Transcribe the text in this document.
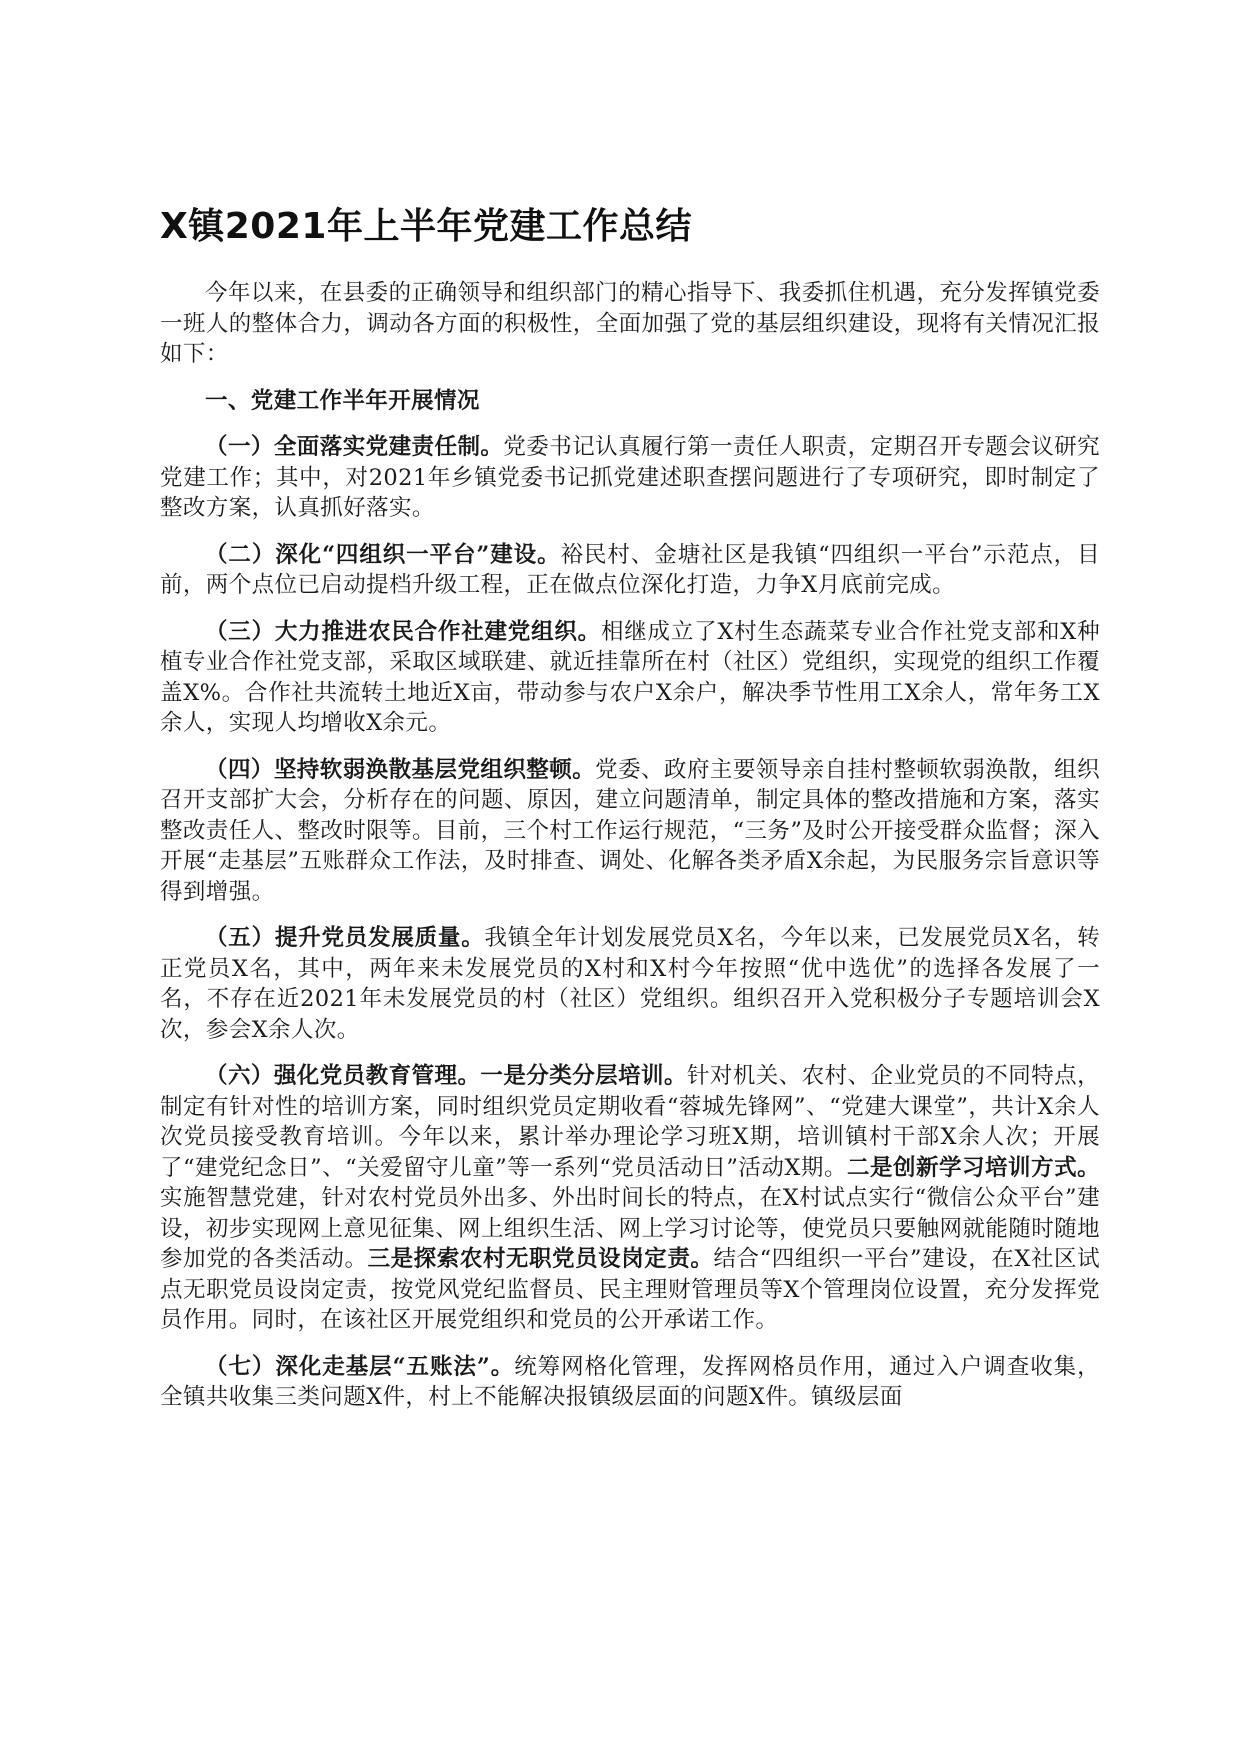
X镇2021年上半年党建工作总结

今年以来，在县委的正确领导和组织部门的精心指导下、我委抓住机遇，充分发挥镇党委一班人的整体合力，调动各方面的积极性，全面加强了党的基层组织建设，现将有关情况汇报如下：

一、党建工作半年开展情况

（一）全面落实党建责任制。党委书记认真履行第一责任人职责，定期召开专题会议研究党建工作；其中，对2021年乡镇党委书记抓党建述职查摆问题进行了专项研究，即时制定了整改方案，认真抓好落实。

（二）深化“四组织一平台”建设。裕民村、金塘社区是我镇“四组织一平台”示范点，目前，两个点位已启动提档升级工程，正在做点位深化打造，力争X月底前完成。

（三）大力推进农民合作社建党组织。相继成立了X村生态蔬菜专业合作社党支部和X种植专业合作社党支部，采取区域联建、就近挂靠所在村（社区）党组织，实现党的组织工作覆盖X%。合作社共流转土地近X亩，带动参与农户X余户，解决季节性用工X余人，常年务工X余人，实现人均增收X余元。

（四）坚持软弱涣散基层党组织整顿。党委、政府主要领导亲自挂村整顿软弱涣散，组织召开支部扩大会，分析存在的问题、原因，建立问题清单，制定具体的整改措施和方案，落实整改责任人、整改时限等。目前，三个村工作运行规范，“三务”及时公开接受群众监督；深入开展“走基层”五账群众工作法，及时排查、调处、化解各类矛盾X余起，为民服务宗旨意识等得到增强。

（五）提升党员发展质量。我镇全年计划发展党员X名，今年以来，已发展党员X名，转正党员X名，其中，两年来未发展党员的X村和X村今年按照“优中选优”的选择各发展了一名，不存在近2021年未发展党员的村（社区）党组织。组织召开入党积极分子专题培训会X次，参会X余人次。

（六）强化党员教育管理。一是分类分层培训。针对机关、农村、企业党员的不同特点，制定有针对性的培训方案，同时组织党员定期收看“蓉城先锋网”、“党建大课堂”，共计X余人次党员接受教育培训。今年以来，累计举办理论学习班X期，培训镇村干部X余人次；开展了“建党纪念日”、“关爱留守儿童”等一系列“党员活动日”活动X期。二是创新学习培训方式。实施智慧党建，针对农村党员外出多、外出时间长的特点，在X村试点实行“微信公众平台”建设，初步实现网上意见征集、网上组织生活、网上学习讨论等，使党员只要触网就能随时随地参加党的各类活动。三是探索农村无职党员设岗定责。结合“四组织一平台”建设，在X社区试点无职党员设岗定责，按党风党纪监督员、民主理财管理员等X个管理岗位设置，充分发挥党员作用。同时，在该社区开展党组织和党员的公开承诺工作。

（七）深化走基层“五账法”。统筹网格化管理，发挥网格员作用，通过入户调查收集，全镇共收集三类问题X件，村上不能解决报镇级层面的问题X件。镇级层面
